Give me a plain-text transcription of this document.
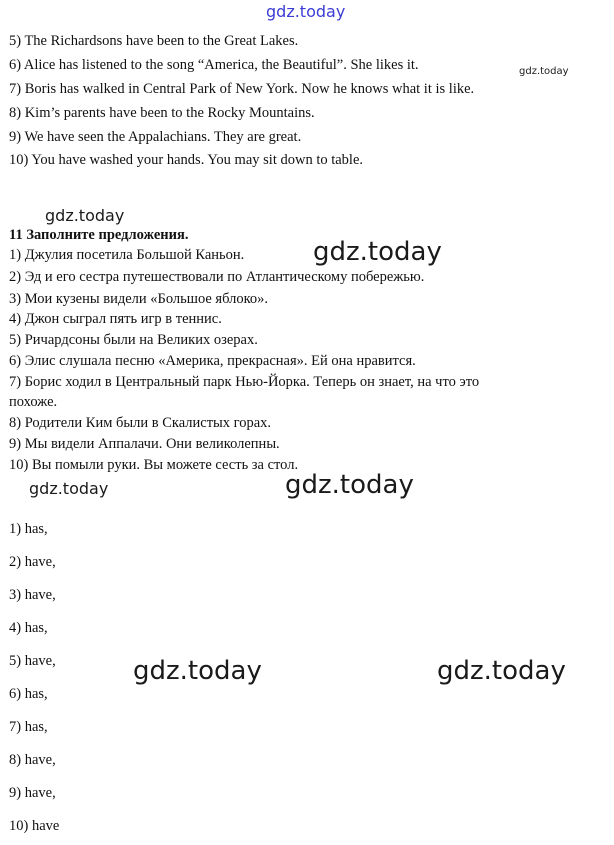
gdz.today
gdz.today
gdz.today
gdz.today
gdz.today	gdz.today
gdz.today	gdz.today
5) The Richardsons have been to the Great Lakes.
6) Alice has listened to the song “America, the Beautiful”. She likes it.
7) Boris has walked in Central Park of New York. Now he knows what it is like.
8) Kim’s parents have been to the Rocky Mountains.
9) We have seen the Appalachians. They are great.
10) You have washed your hands. You may sit down to table.
11 Заполните предложения.
1) Джулия посетила Большой Каньон.
2) Эд и его сестра путешествовали по Атлантическому побережью.
3) Мои кузены видели «Большое яблоко».
4) Джон сыграл пять игр в теннис.
5) Ричардсоны были на Великих озерах.
6) Элис слушала песню «Америка, прекрасная». Ей она нравится.
7) Борис ходил в Центральный парк Нью-Йорка. Теперь он знает, на что это
похоже.
8) Родители Ким были в Скалистых горах.
9) Мы видели Аппалачи. Они великолепны.
10) Вы помыли руки. Вы можете сесть за стол.
1) has,
2) have,
3) have,
4) has,
5) have,
6) has,
7) has,
8) have,
9) have,
10) have
